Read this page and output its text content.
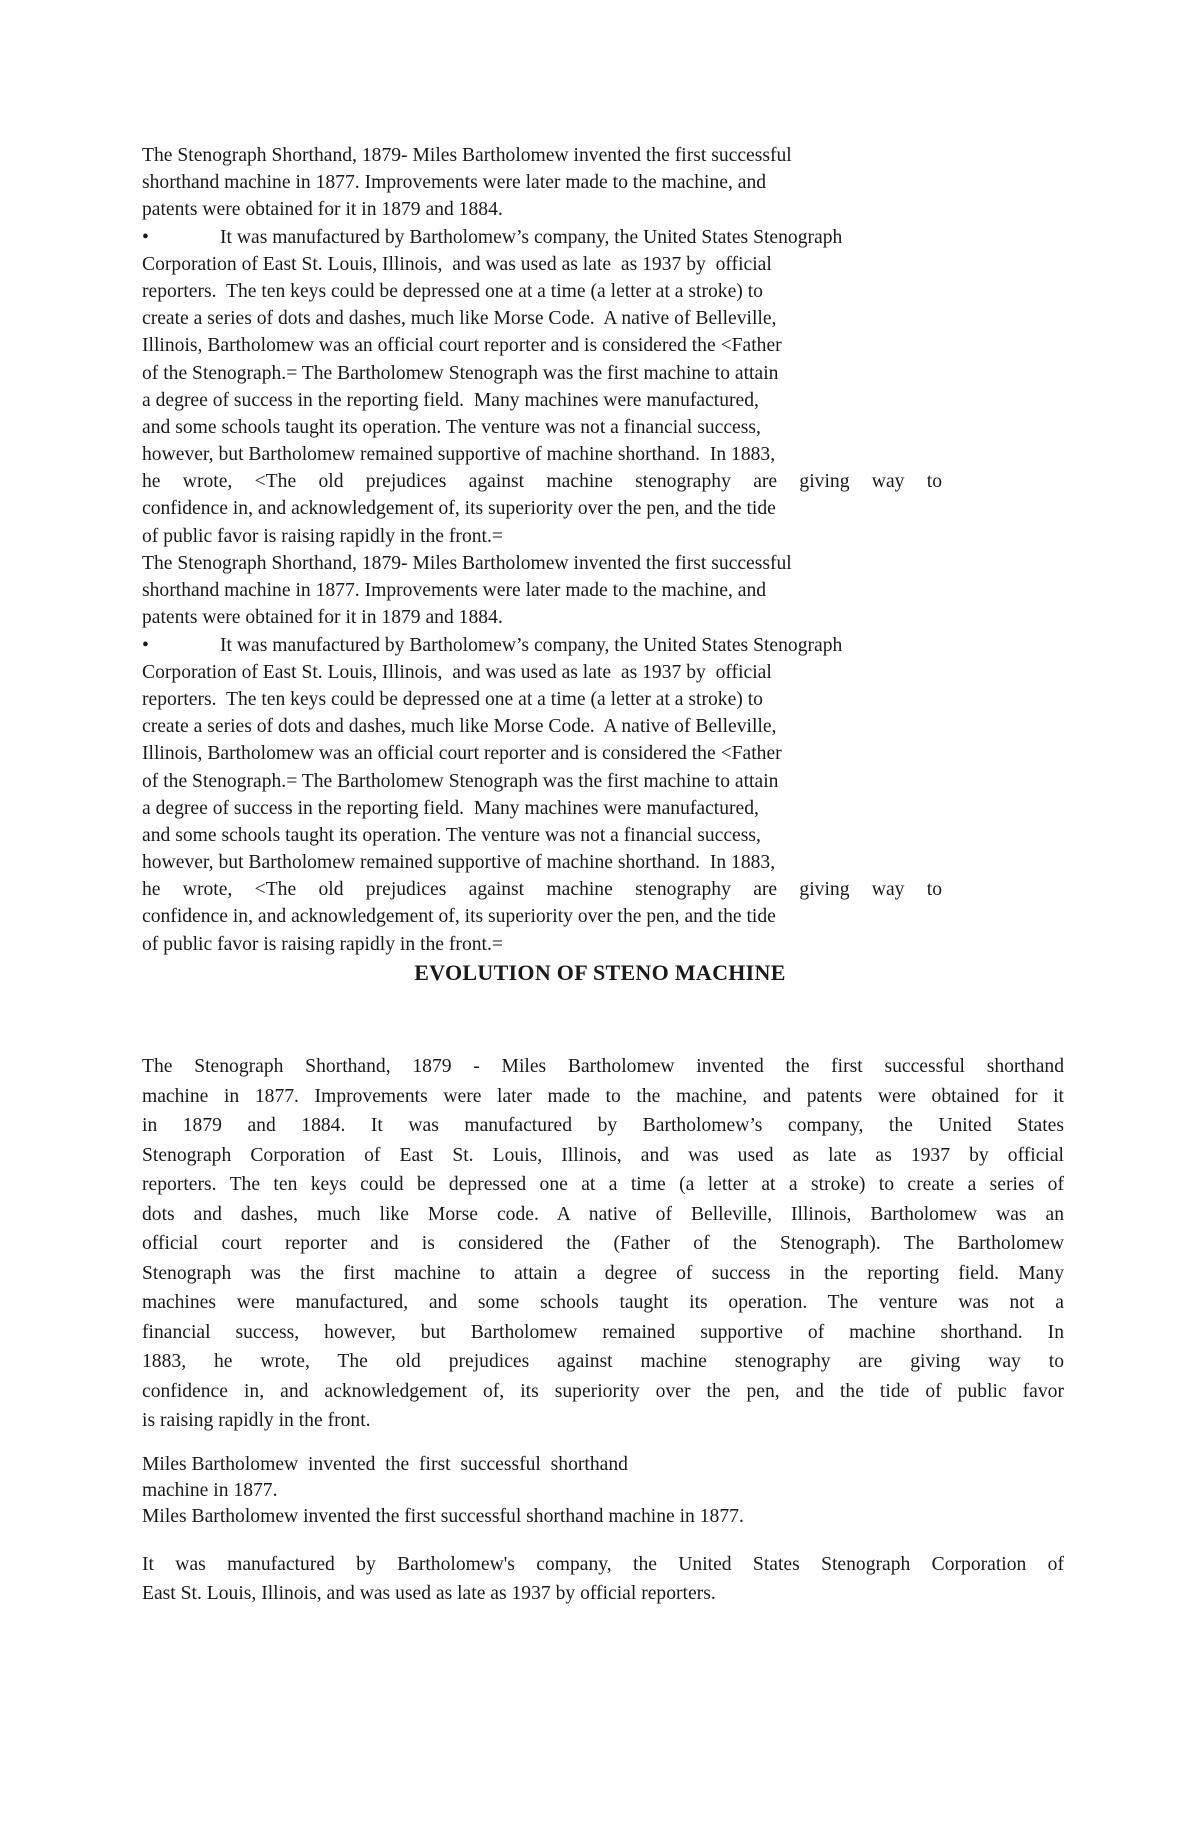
The Stenograph Shorthand, 1879- Miles Bartholomew invented the first successful
shorthand machine in 1877. Improvements were later made to the machine, and
patents were obtained for it in 1879 and 1884.
•	It was manufactured by Bartholomew’s company, the United States Stenograph
Corporation of East St. Louis, Illinois,  and was used as late  as 1937 by  official
reporters.  The ten keys could be depressed one at a time (a letter at a stroke) to
create a series of dots and dashes, much like Morse Code.  A native of Belleville,
Illinois, Bartholomew was an official court reporter and is considered the <Father
of the Stenograph.= The Bartholomew Stenograph was the first machine to attain
a degree of success in the reporting field.  Many machines were manufactured,
and some schools taught its operation. The venture was not a financial success,
however, but Bartholomew remained supportive of machine shorthand.  In 1883,
he wrote, <The old prejudices against machine stenography are giving way to
confidence in, and acknowledgement of, its superiority over the pen, and the tide
of public favor is raising rapidly in the front.=
The Stenograph Shorthand, 1879- Miles Bartholomew invented the first successful
shorthand machine in 1877. Improvements were later made to the machine, and
patents were obtained for it in 1879 and 1884.
•	It was manufactured by Bartholomew’s company, the United States Stenograph
Corporation of East St. Louis, Illinois,  and was used as late  as 1937 by  official
reporters.  The ten keys could be depressed one at a time (a letter at a stroke) to
create a series of dots and dashes, much like Morse Code.  A native of Belleville,
Illinois, Bartholomew was an official court reporter and is considered the <Father
of the Stenograph.= The Bartholomew Stenograph was the first machine to attain
a degree of success in the reporting field.  Many machines were manufactured,
and some schools taught its operation. The venture was not a financial success,
however, but Bartholomew remained supportive of machine shorthand.  In 1883,
he wrote, <The old prejudices against machine stenography are giving way to
confidence in, and acknowledgement of, its superiority over the pen, and the tide
of public favor is raising rapidly in the front.=
EVOLUTION OF STENO MACHINE
The Stenograph Shorthand, 1879 - Miles Bartholomew invented the first successful shorthand
machine in 1877. Improvements were later made to the machine, and patents were obtained for it
in 1879 and 1884. It was manufactured by Bartholomew’s company, the United States
Stenograph Corporation of East St. Louis, Illinois, and was used as late as 1937 by official
reporters. The ten keys could be depressed one at a time (a letter at a stroke) to create a series of
dots and dashes, much like Morse code. A native of Belleville, Illinois, Bartholomew was an
official court reporter and is considered the (Father of the Stenograph). The Bartholomew
Stenograph was the first machine to attain a degree of success in the reporting field. Many
machines were manufactured, and some schools taught its operation. The venture was not a
financial success, however, but Bartholomew remained supportive of machine shorthand. In
1883, he wrote, The old prejudices against machine stenography are giving way to
confidence in, and acknowledgement of, its superiority over the pen, and the tide of public favor
is raising rapidly in the front.
Miles Bartholomew  invented  the  first  successful  shorthand
machine in 1877.
Miles Bartholomew invented the first successful shorthand machine in 1877.
It was manufactured by Bartholomew's company, the United States Stenograph Corporation of
East St. Louis, Illinois, and was used as late as 1937 by official reporters.
